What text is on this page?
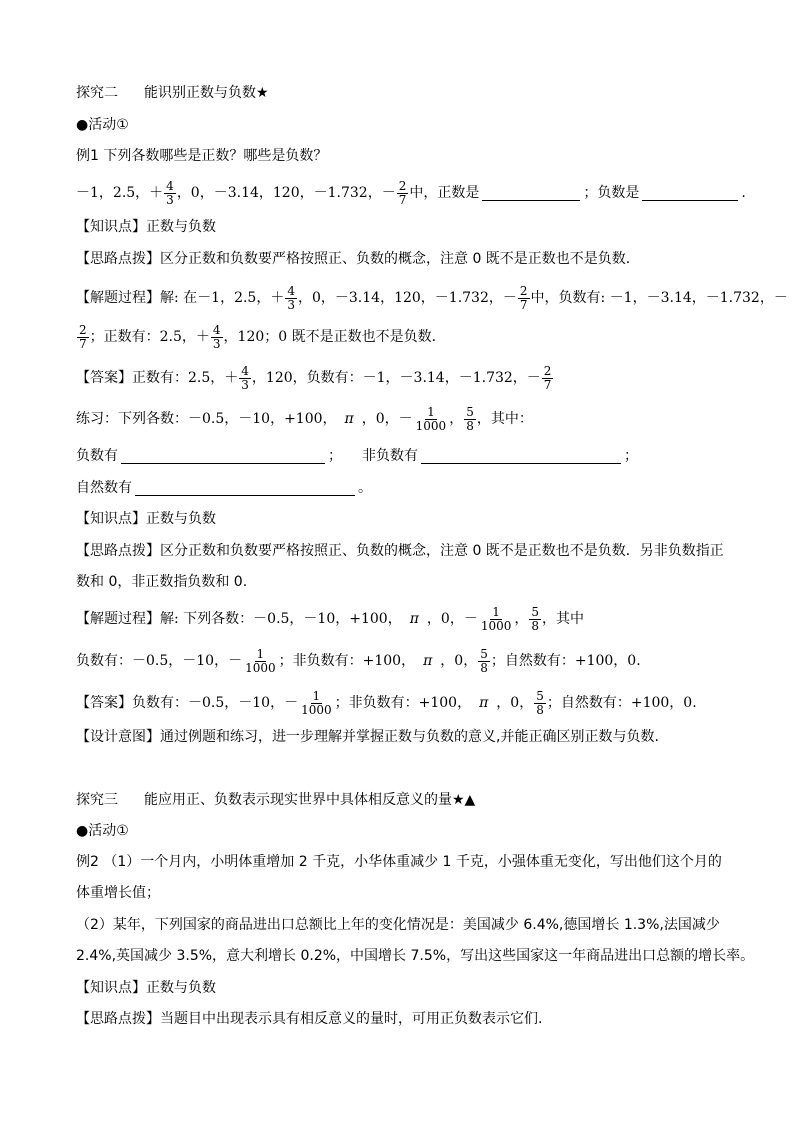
探究二 能识别正数与负数★
●活动①
例1 下列各数哪些是正数？哪些是负数？
－1，2.5，＋ $\frac{4}{3}$ ，0，－3.14，120，－1.732，－ $\frac{2}{7}$ 中，正数是	；负数是	.
【知识点】 正数与负数
【思路点拨】 区分正数和负数要严格按照正、负数的概念，注意 0 既不是正数也不是负数.
【解题过程】 解: 在－1，2.5，＋ $\frac{4}{3}$ ，0，－3.14，120，－1.732，－ $\frac{2}{7}$ 中，负数有: －1，－3.14，－1.732，－
$\frac{2}{7}$ ；正数有：2.5，＋ $\frac{4}{3}$ ，120；0 既不是正数也不是负数.
【答案】 正数有：2.5，＋ $\frac{4}{3}$ ，120，负数有：－1，－3.14，－1.732，－ $\frac{2}{7}$
练习：下列各数：－0.5，－10，+100， π ，0，－ $\frac{1}{1000}$ ， $\frac{5}{8}$ ，其中：
负数有	； 非负数有	；
自然数有	。
【知识点】 正数与负数
【思路点拨】 区分正数和负数要严格按照正、负数的概念，注意 0 既不是正数也不是负数．另非负数指正
数和 0，非正数指负数和 0.
【解题过程】 解: 下列各数：－0.5，－10，+100， π ，0，－ $\frac{1}{1000}$ ， $\frac{5}{8}$ ，其中
负数有：－0.5，－10，－ $\frac{1}{1000}$ ；非负数有：+100， π ，0， $\frac{5}{8}$ ；自然数有：+100，0.
【答案】 负数有：－0.5，－10，－ $\frac{1}{1000}$ ；非负数有：+100， π ，0， $\frac{5}{8}$ ；自然数有：+100，0.
【设计意图】 通过例题和练习，进一步理解并掌握正数与负数的意义,并能正确区别正数与负数.
探究三 能应用正、负数表示现实世界中具体相反意义的量★▲
●活动①
例2 （1）一个月内，小明体重增加 2 千克，小华体重减少 1 千克，小强体重无变化，写出他们这个月的
体重增长值；
（2）某年，下列国家的商品进出口总额比上年的变化情况是：美国减少 6.4%,德国增长 1.3%,法国减少
2.4%,英国减少 3.5%，意大利增长 0.2%，中国增长 7.5%，写出这些国家这一年商品进出口总额的增长率。
【知识点】 正数与负数
【思路点拨】 当题目中出现表示具有相反意义的量时，可用正负数表示它们.
